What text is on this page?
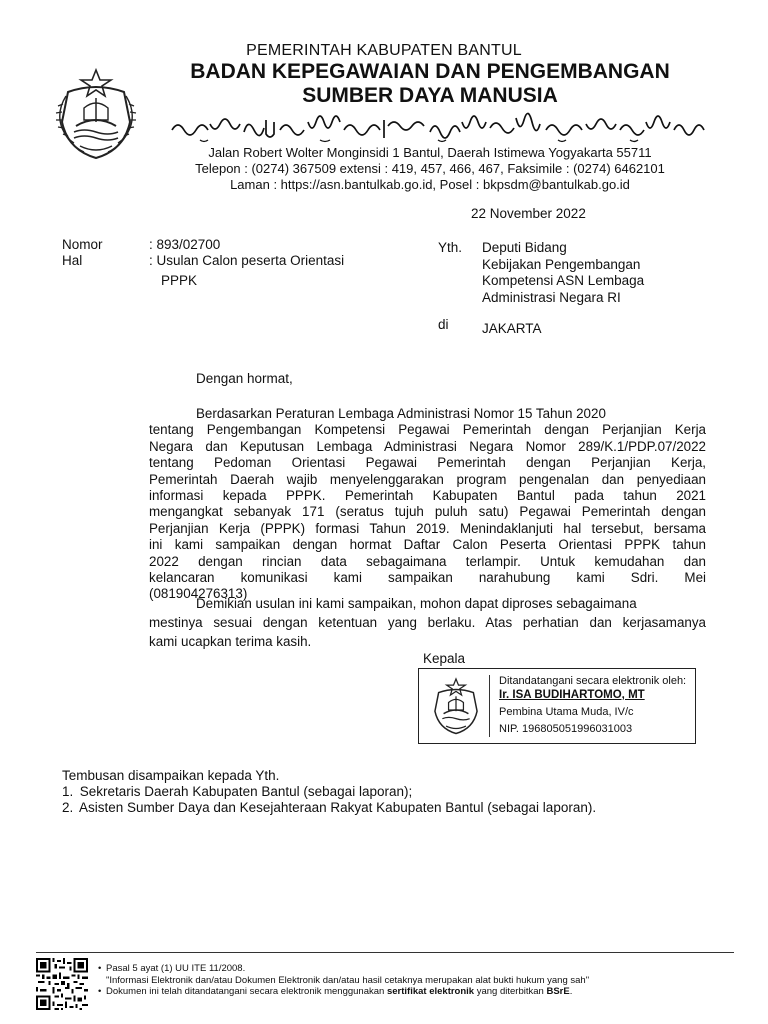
PEMERINTAH KABUPATEN BANTUL
BADAN KEPEGAWAIAN DAN PENGEMBANGAN
SUMBER DAYA MANUSIA
Jalan Robert Wolter Monginsidi 1 Bantul, Daerah Istimewa Yogyakarta 55711
Telepon : (0274) 367509 extensi : 419, 457, 466, 467, Faksimile : (0274) 6462101
Laman : https://asn.bantulkab.go.id, Posel : bkpsdm@bantulkab.go.id
22 November 2022
Nomor	: 893/02700
Hal	: Usulan Calon peserta Orientasi
PPPK
Yth. Deputi Bidang
Kebijakan Pengembangan
Kompetensi ASN Lembaga
Administrasi Negara RI
di JAKARTA
Dengan hormat,
Berdasarkan Peraturan Lembaga Administrasi Nomor 15 Tahun 2020
tentang Pengembangan Kompetensi Pegawai Pemerintah dengan Perjanjian Kerja
Negara dan Keputusan Lembaga Administrasi Negara Nomor 289/K.1/PDP.07/2022
tentang Pedoman Orientasi Pegawai Pemerintah dengan Perjanjian Kerja,
Pemerintah Daerah wajib menyelenggarakan program pengenalan dan penyediaan
informasi kepada PPPK. Pemerintah Kabupaten Bantul pada tahun 2021
mengangkat sebanyak 171 (seratus tujuh puluh satu) Pegawai Pemerintah dengan
Perjanjian Kerja (PPPK) formasi Tahun 2019. Menindaklanjuti hal tersebut, bersama
ini kami sampaikan dengan hormat Daftar Calon Peserta Orientasi PPPK tahun
2022 dengan rincian data sebagaimana terlampir. Untuk kemudahan dan
kelancaran komunikasi kami sampaikan narahubung kami Sdri. Mei
(081904276313)
Demikian usulan ini kami sampaikan, mohon dapat diproses sebagaimana
mestinya sesuai dengan ketentuan yang berlaku. Atas perhatian dan kerjasamanya
kami ucapkan terima kasih.
Kepala
Ditandatangani secara elektronik oleh:
Ir. ISA BUDIHARTOMO, MT
Pembina Utama Muda, IV/c
NIP. 196805051996031003
Tembusan disampaikan kepada Yth.
1. Sekretaris Daerah Kabupaten Bantul (sebagai laporan);
2. Asisten Sumber Daya dan Kesejahteraan Rakyat Kabupaten Bantul (sebagai laporan).
• Pasal 5 ayat (1) UU ITE 11/2008.
"Informasi Elektronik dan/atau Dokumen Elektronik dan/atau hasil cetaknya merupakan alat bukti hukum yang sah"
• Dokumen ini telah ditandatangani secara elektronik menggunakan sertifikat elektronik yang diterbitkan BSrE.
